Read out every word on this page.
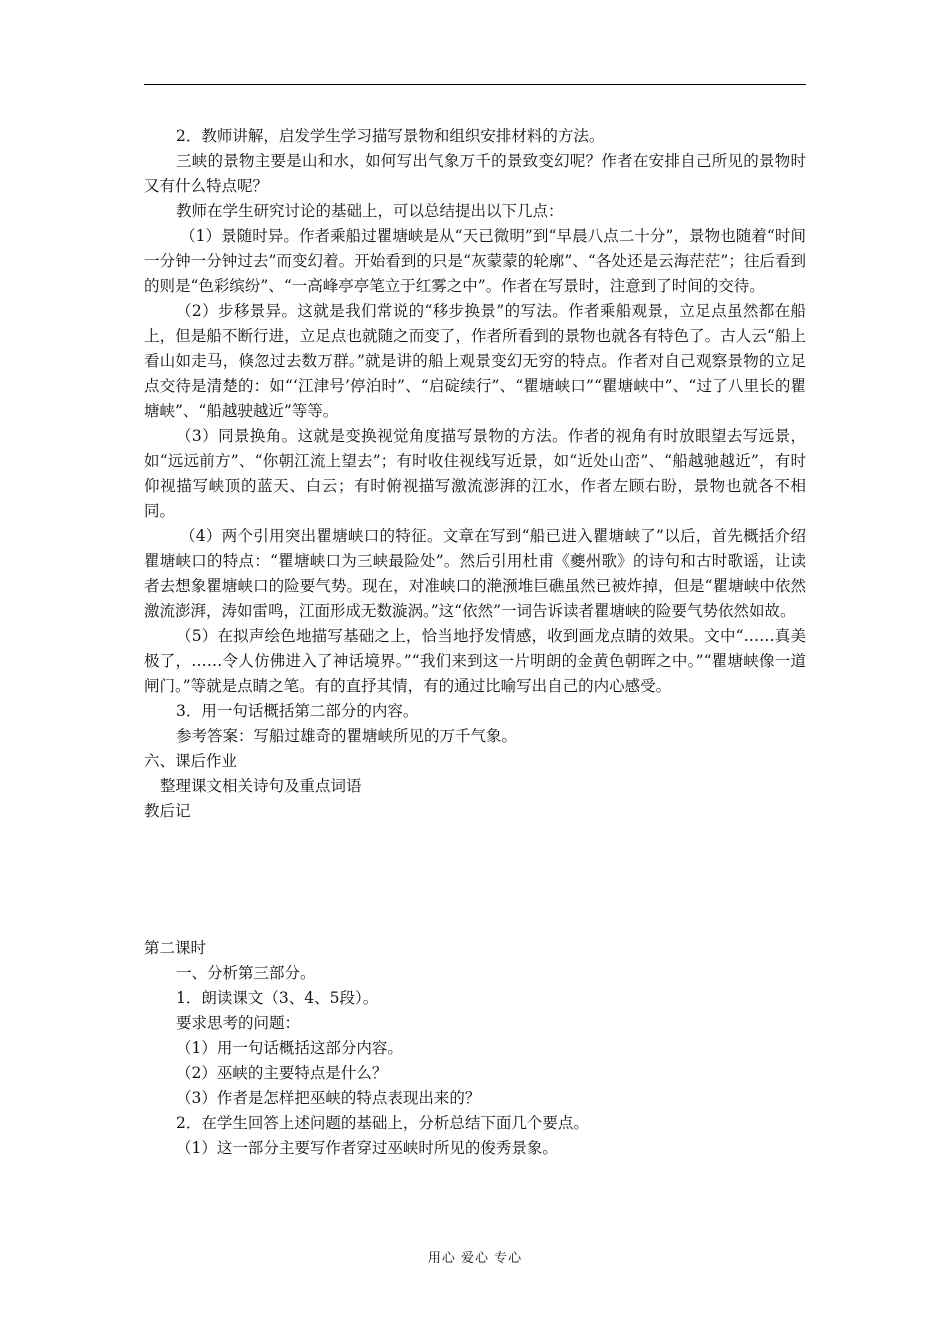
2．教师讲解，启发学生学习描写景物和组织安排材料的方法。

三峡的景物主要是山和水，如何写出气象万千的景致变幻呢？作者在安排自己所见的景物时又有什么特点呢？

教师在学生研究讨论的基础上，可以总结提出以下几点：

（1）景随时异。作者乘船过瞿塘峡是从“天已微明”到“早晨八点二十分”，景物也随着“时间一分钟一分钟过去”而变幻着。开始看到的只是“灰蒙蒙的轮廓”、“各处还是云海茫茫”；往后看到的则是“色彩缤纷”、“一高峰亭亭笔立于红雾之中”。作者在写景时，注意到了时间的交待。

（2）步移景异。这就是我们常说的“移步换景”的写法。作者乘船观景，立足点虽然都在船上，但是船不断行进，立足点也就随之而变了，作者所看到的景物也就各有特色了。古人云“船上看山如走马，倏忽过去数万群。”就是讲的船上观景变幻无穷的特点。作者对自己观察景物的立足点交待是清楚的：如“‘江津号’停泊时”、“启碇续行”、“瞿塘峡口”“瞿塘峡中”、“过了八里长的瞿塘峡”、“船越驶越近”等等。

（3）同景换角。这就是变换视觉角度描写景物的方法。作者的视角有时放眼望去写远景，如“远远前方”、“你朝江流上望去”；有时收住视线写近景，如“近处山峦”、“船越驰越近”，有时仰视描写峡顶的蓝天、白云；有时俯视描写激流澎湃的江水，作者左顾右盼，景物也就各不相同。

（4）两个引用突出瞿塘峡口的特征。文章在写到“船已进入瞿塘峡了”以后，首先概括介绍瞿塘峡口的特点：“瞿塘峡口为三峡最险处”。然后引用杜甫《夔州歌》的诗句和古时歌谣，让读者去想象瞿塘峡口的险要气势。现在，对准峡口的滟滪堆巨礁虽然已被炸掉，但是“瞿塘峡中依然激流澎湃，涛如雷鸣，江面形成无数漩涡。”这“依然”一词告诉读者瞿塘峡的险要气势依然如故。

（5）在拟声绘色地描写基础之上，恰当地抒发情感，收到画龙点睛的效果。文中“……真美极了，……令人仿佛进入了神话境界。”“我们来到这一片明朗的金黄色朝晖之中。”“瞿塘峡像一道闸门。”等就是点睛之笔。有的直抒其情，有的通过比喻写出自己的内心感受。

3．用一句话概括第二部分的内容。

参考答案：写船过雄奇的瞿塘峡所见的万千气象。

六、课后作业

整理课文相关诗句及重点词语

教后记

第二课时

一、分析第三部分。

1．朗读课文（3、4、5段）。

要求思考的问题：

（1）用一句话概括这部分内容。

（2）巫峡的主要特点是什么？

（3）作者是怎样把巫峡的特点表现出来的？

2．在学生回答上述问题的基础上，分析总结下面几个要点。

（1）这一部分主要写作者穿过巫峡时所见的俊秀景象。

用心 爱心 专心
